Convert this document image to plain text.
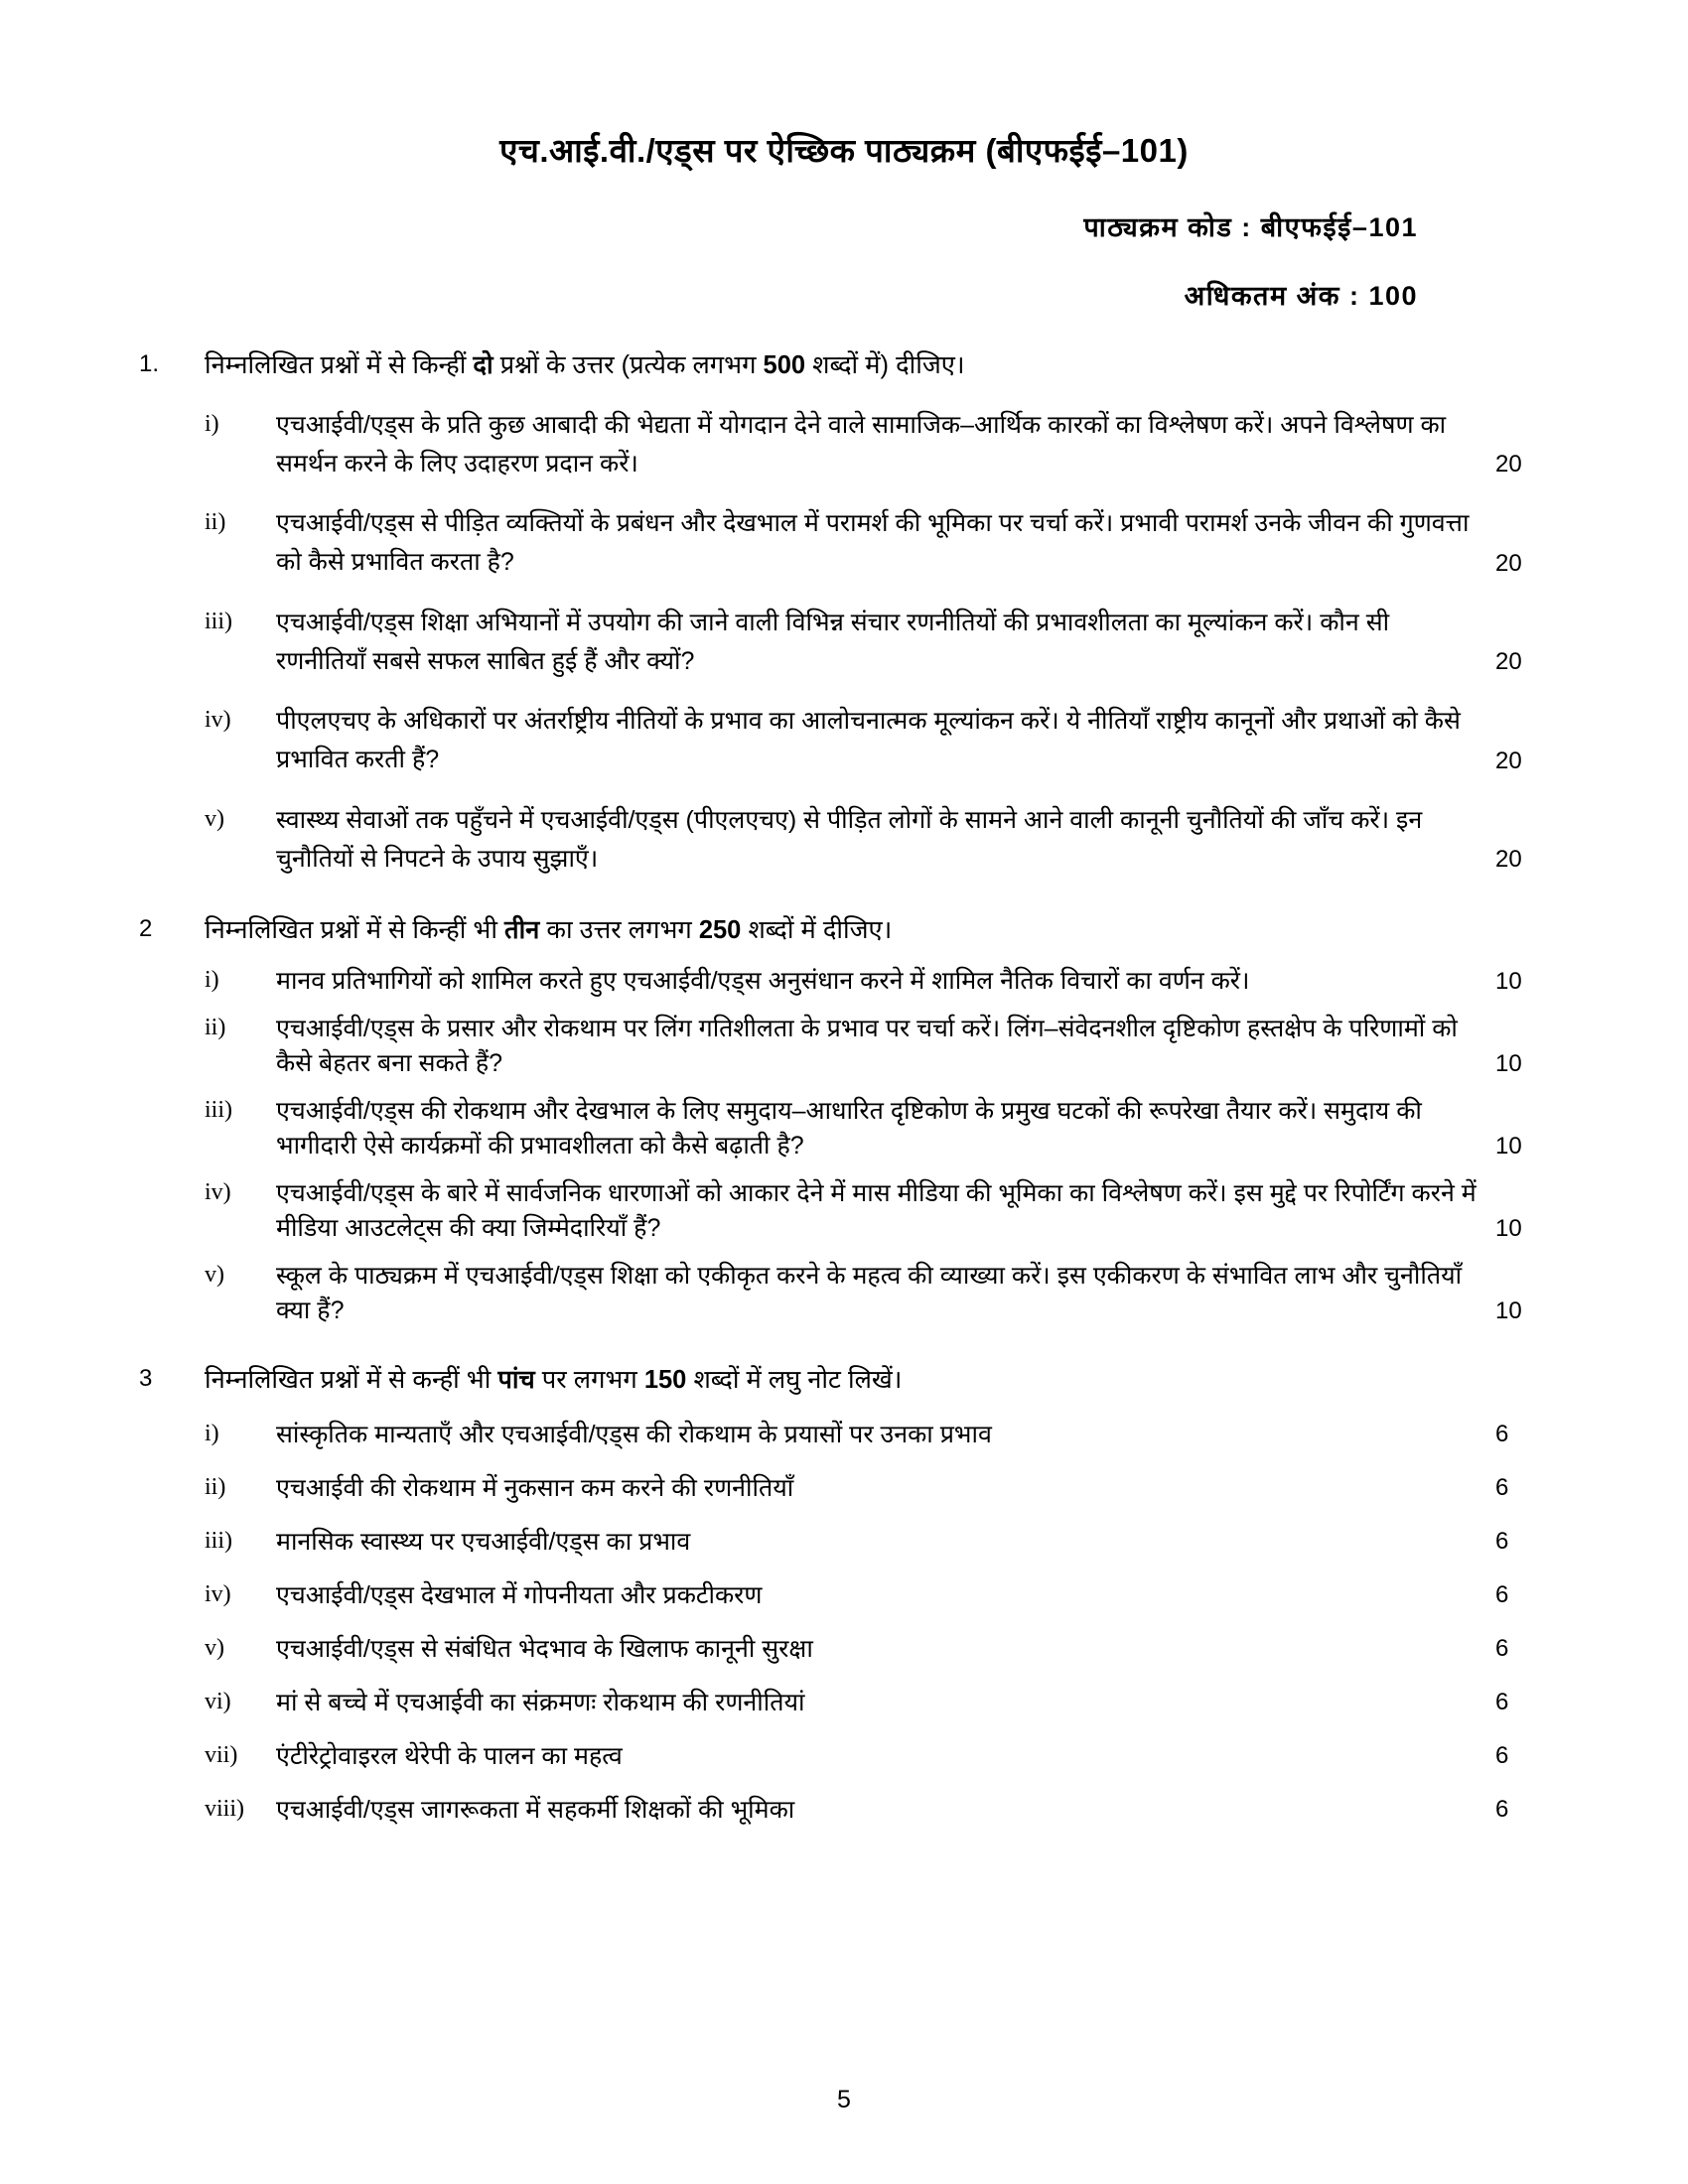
एच.आई.वी./एड्स पर ऐच्छिक पाठ्यक्रम (बीएफईई–101)
पाठ्यक्रम कोड : बीएफईई–101
अधिकतम अंक : 100
1.	निम्नलिखित प्रश्नों में से किन्हीं दो प्रश्नों के उत्तर (प्रत्येक लगभग 500 शब्दों में) दीजिए।
i)	एचआईवी/एड्स के प्रति कुछ आबादी की भेद्यता में योगदान देने वाले सामाजिक–आर्थिक कारकों का विश्लेषण करें। अपने विश्लेषण का समर्थन करने के लिए उदाहरण प्रदान करें।	20
ii)	एचआईवी/एड्स से पीड़ित व्यक्तियों के प्रबंधन और देखभाल में परामर्श की भूमिका पर चर्चा करें। प्रभावी परामर्श उनके जीवन की गुणवत्ता को कैसे प्रभावित करता है?	20
iii)	एचआईवी/एड्स शिक्षा अभियानों में उपयोग की जाने वाली विभिन्न संचार रणनीतियों की प्रभावशीलता का मूल्यांकन करें। कौन सी रणनीतियाँ सबसे सफल साबित हुई हैं और क्यों?	20
iv)	पीएलएचए के अधिकारों पर अंतर्राष्ट्रीय नीतियों के प्रभाव का आलोचनात्मक मूल्यांकन करें। ये नीतियाँ राष्ट्रीय कानूनों और प्रथाओं को कैसे प्रभावित करती हैं?	20
v)	स्वास्थ्य सेवाओं तक पहुँचने में एचआईवी/एड्स (पीएलएचए) से पीड़ित लोगों के सामने आने वाली कानूनी चुनौतियों की जाँच करें। इन चुनौतियों से निपटने के उपाय सुझाएँ।	20
2	निम्नलिखित प्रश्नों में से किन्हीं भी तीन का उत्तर लगभग 250 शब्दों में दीजिए।
i)	मानव प्रतिभागियों को शामिल करते हुए एचआईवी/एड्स अनुसंधान करने में शामिल नैतिक विचारों का वर्णन करें।	10
ii)	एचआईवी/एड्स के प्रसार और रोकथाम पर लिंग गतिशीलता के प्रभाव पर चर्चा करें। लिंग–संवेदनशील दृष्टिकोण हस्तक्षेप के परिणामों को कैसे बेहतर बना सकते हैं?	10
iii)	एचआईवी/एड्स की रोकथाम और देखभाल के लिए समुदाय–आधारित दृष्टिकोण के प्रमुख घटकों की रूपरेखा तैयार करें। समुदाय की भागीदारी ऐसे कार्यक्रमों की प्रभावशीलता को कैसे बढ़ाती है?	10
iv)	एचआईवी/एड्स के बारे में सार्वजनिक धारणाओं को आकार देने में मास मीडिया की भूमिका का विश्लेषण करें। इस मुद्दे पर रिपोर्टिंग करने में मीडिया आउटलेट्स की क्या जिम्मेदारियाँ हैं?	10
v)	स्कूल के पाठ्यक्रम में एचआईवी/एड्स शिक्षा को एकीकृत करने के महत्व की व्याख्या करें। इस एकीकरण के संभावित लाभ और चुनौतियाँ क्या हैं?	10
3	निम्नलिखित प्रश्नों में से कन्हीं भी पांच पर लगभग 150 शब्दों में लघु नोट लिखें।
i)	सांस्कृतिक मान्यताएँ और एचआईवी/एड्स की रोकथाम के प्रयासों पर उनका प्रभाव	6
ii)	एचआईवी की रोकथाम में नुकसान कम करने की रणनीतियाँ	6
iii)	मानसिक स्वास्थ्य पर एचआईवी/एड्स का प्रभाव	6
iv)	एचआईवी/एड्स देखभाल में गोपनीयता और प्रकटीकरण	6
v)	एचआईवी/एड्स से संबंधित भेदभाव के खिलाफ कानूनी सुरक्षा	6
vi)	मां से बच्चे में एचआईवी का संक्रमणः रोकथाम की रणनीतियां	6
vii)	एंटीरेट्रोवाइरल थेरेपी के पालन का महत्व	6
viii)	एचआईवी/एड्स जागरूकता में सहकर्मी शिक्षकों की भूमिका	6
5
